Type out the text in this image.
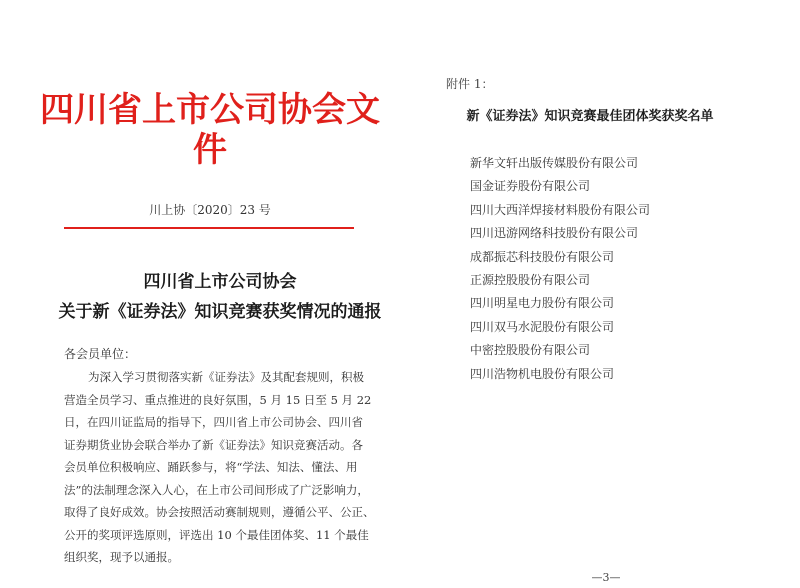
四川省上市公司协会文件
川上协〔2020〕23 号
四川省上市公司协会
关于新《证券法》知识竞赛获奖情况的通报
各会员单位：
为深入学习贯彻落实新《证券法》及其配套规则，积极
营造全员学习、重点推进的良好氛围，5 月 15 日至 5 月 22
日，在四川证监局的指导下，四川省上市公司协会、四川省
证券期货业协会联合举办了新《证券法》知识竞赛活动。各
会员单位积极响应、踊跃参与，将“学法、知法、懂法、用
法”的法制理念深入人心，在上市公司间形成了广泛影响力，
取得了良好成效。协会按照活动赛制规则，遵循公平、公正、
公开的奖项评选原则，评选出 10 个最佳团体奖、11 个最佳
组织奖，现予以通报。
附件 1：
新《证券法》知识竞赛最佳团体奖获奖名单
新华文轩出版传媒股份有限公司
国金证券股份有限公司
四川大西洋焊接材料股份有限公司
四川迅游网络科技股份有限公司
成都振芯科技股份有限公司
正源控股股份有限公司
四川明星电力股份有限公司
四川双马水泥股份有限公司
中密控股股份有限公司
四川浩物机电股份有限公司
—3—
